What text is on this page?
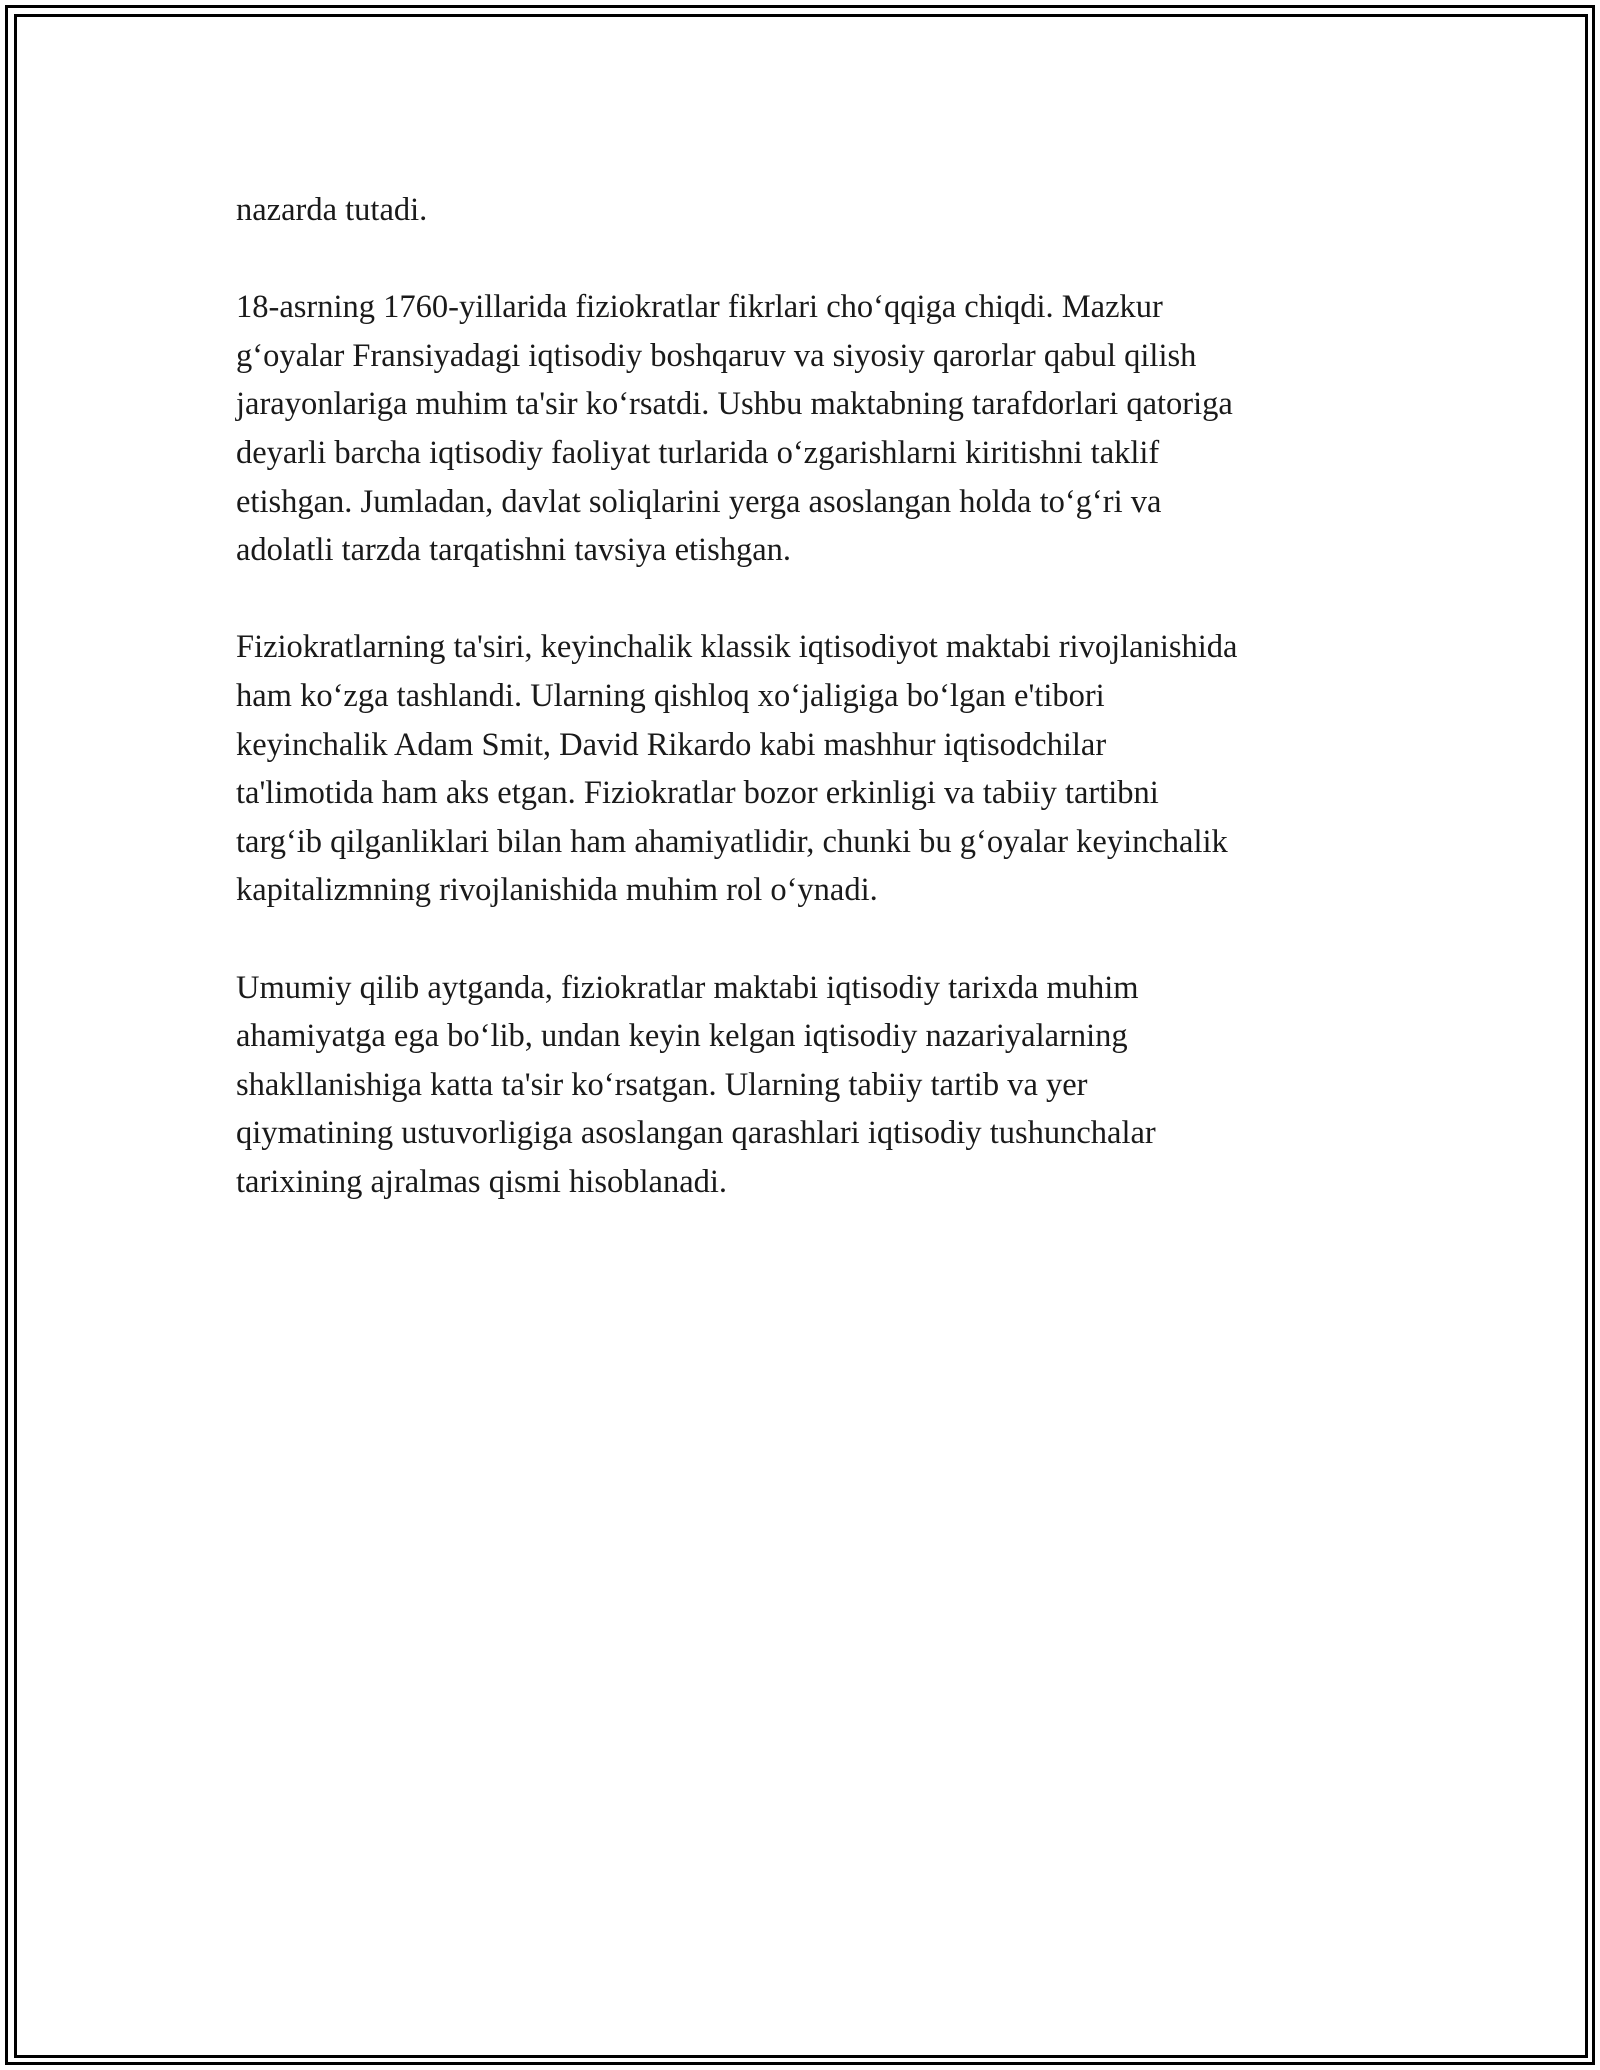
nazarda tutadi.

18-asrning 1760-yillarida fiziokratlar fikrlari cho‘qqiga chiqdi. Mazkur
g‘oyalar Fransiyadagi iqtisodiy boshqaruv va siyosiy qarorlar qabul qilish
jarayonlariga muhim ta'sir ko‘rsatdi. Ushbu maktabning tarafdorlari qatoriga
deyarli barcha iqtisodiy faoliyat turlarida o‘zgarishlarni kiritishni taklif
etishgan. Jumladan, davlat soliqlarini yerga asoslangan holda to‘g‘ri va
adolatli tarzda tarqatishni tavsiya etishgan.

Fiziokratlarning ta'siri, keyinchalik klassik iqtisodiyot maktabi rivojlanishida
ham ko‘zga tashlandi. Ularning qishloq xo‘jaligiga bo‘lgan e'tibori
keyinchalik Adam Smit, David Rikardo kabi mashhur iqtisodchilar
ta'limotida ham aks etgan. Fiziokratlar bozor erkinligi va tabiiy tartibni
targ‘ib qilganliklari bilan ham ahamiyatlidir, chunki bu g‘oyalar keyinchalik
kapitalizmning rivojlanishida muhim rol o‘ynadi.

Umumiy qilib aytganda, fiziokratlar maktabi iqtisodiy tarixda muhim
ahamiyatga ega bo‘lib, undan keyin kelgan iqtisodiy nazariyalarning
shakllanishiga katta ta'sir ko‘rsatgan. Ularning tabiiy tartib va yer
qiymatining ustuvorligiga asoslangan qarashlari iqtisodiy tushunchalar
tarixining ajralmas qismi hisoblanadi.
